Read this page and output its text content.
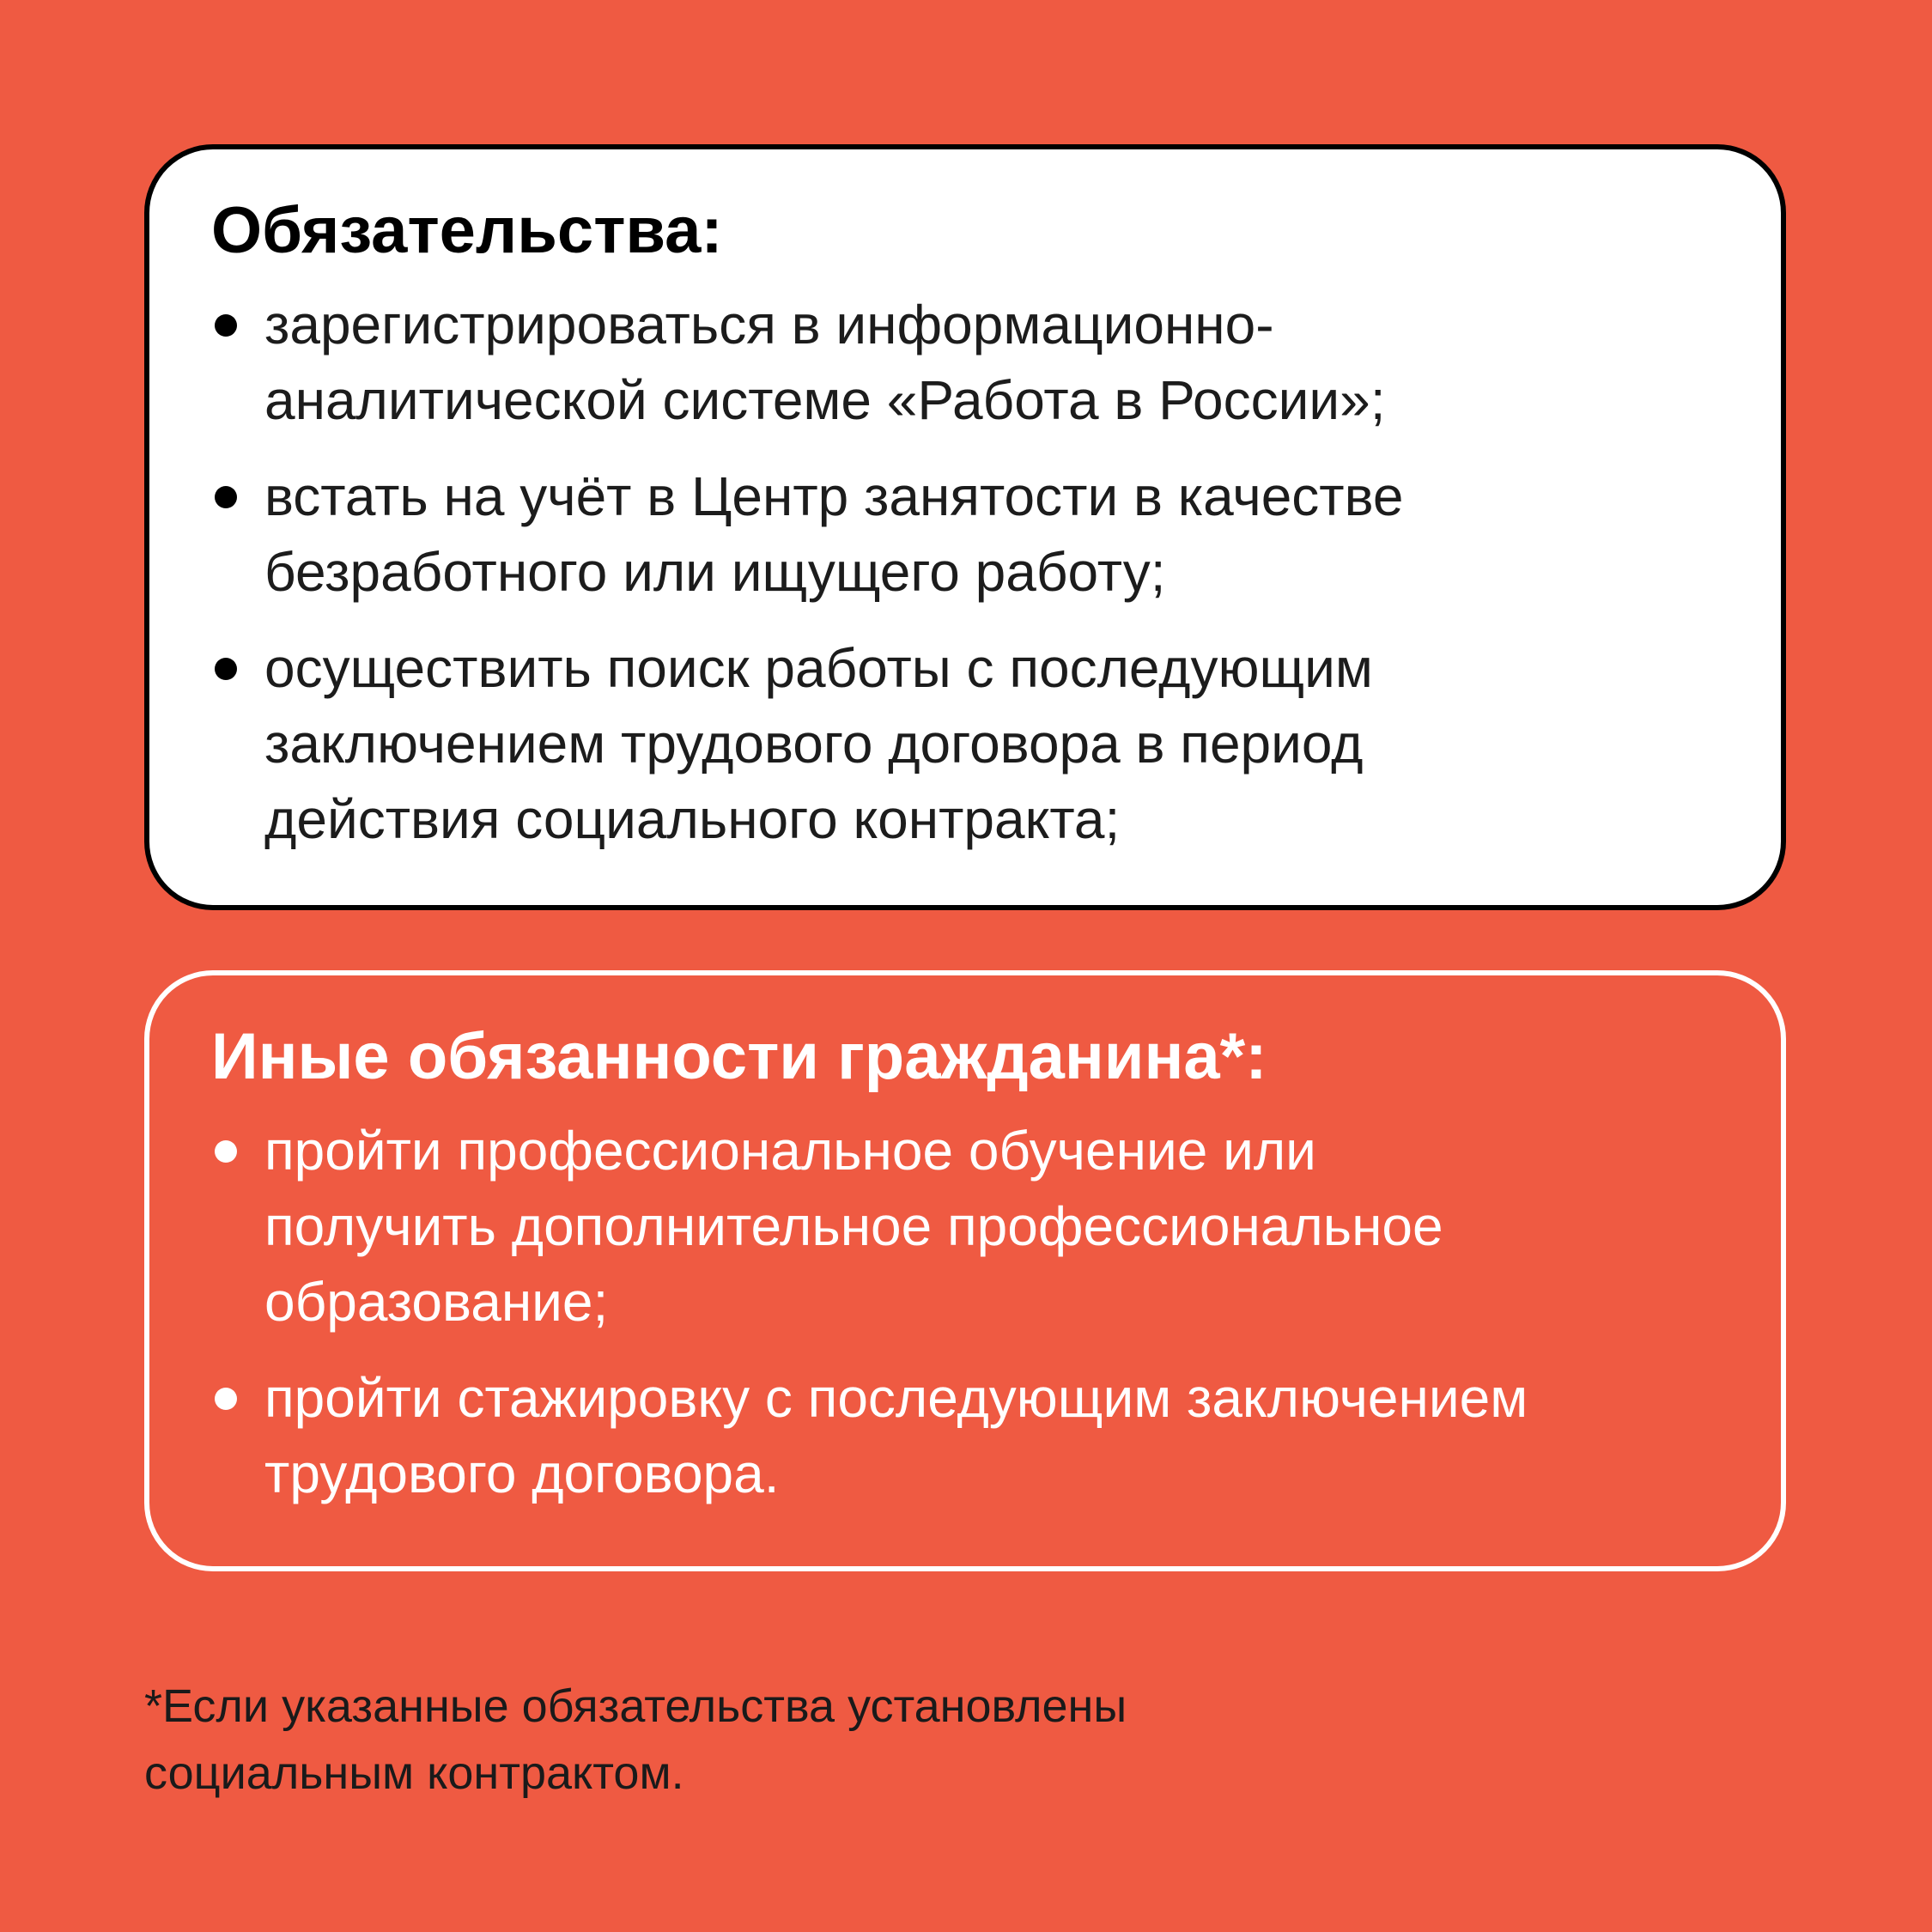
Обязательства:
зарегистрироваться в информационно-
аналитической системе «Работа в России»;
встать на учёт в Центр занятости в качестве
безработного или ищущего работу;
осуществить поиск работы с последующим
заключением трудового договора в период
действия социального контракта;
Иные обязанности гражданина*:
пройти профессиональное обучение или
получить дополнительное профессиональное
образование;
пройти стажировку с последующим заключением
трудового договора.
*Если указанные обязательства установлены
социальным контрактом.
